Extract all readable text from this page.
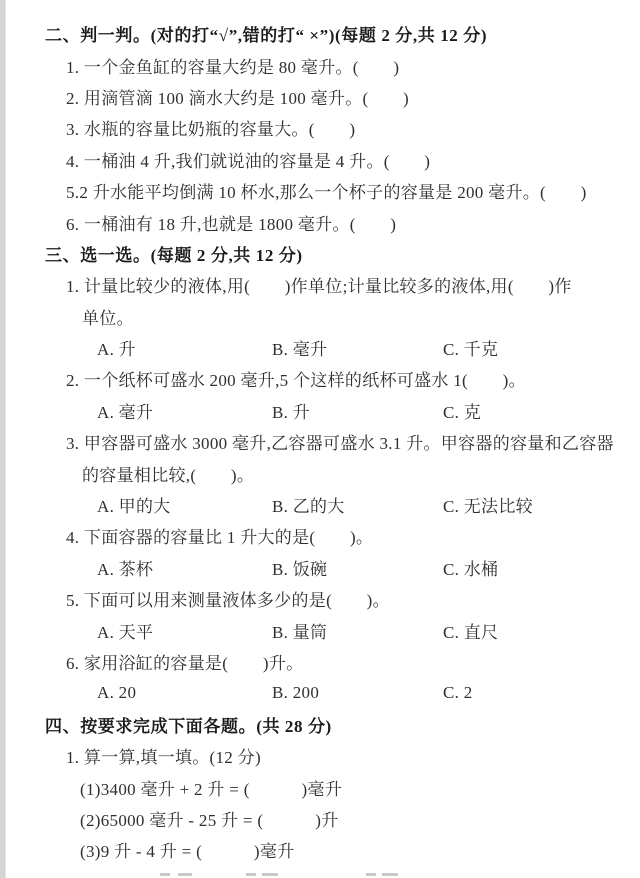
二、判一判。(对的打“√”,错的打“ ×”)(每题 2 分,共 12 分)
1. 一个金鱼缸的容量大约是 80 毫升。(　　)
2. 用滴管滴 100 滴水大约是 100 毫升。(　　)
3. 水瓶的容量比奶瓶的容量大。(　　)
4. 一桶油 4 升,我们就说油的容量是 4 升。(　　)
5.2 升水能平均倒满 10 杯水,那么一个杯子的容量是 200 毫升。(　　)
6. 一桶油有 18 升,也就是 1800 毫升。(　　)
三、选一选。(每题 2 分,共 12 分)
1. 计量比较少的液体,用(　　)作单位;计量比较多的液体,用(　　)作
单位。
A. 升	B. 毫升	C. 千克
2. 一个纸杯可盛水 200 毫升,5 个这样的纸杯可盛水 1(　　)。
A. 毫升	B. 升	C. 克
3. 甲容器可盛水 3000 毫升,乙容器可盛水 3.1 升。甲容器的容量和乙容器
的容量相比较,(　　)。
A. 甲的大	B. 乙的大	C. 无法比较
4. 下面容器的容量比 1 升大的是(　　)。
A. 茶杯	B. 饭碗	C. 水桶
5. 下面可以用来测量液体多少的是(　　)。
A. 天平	B. 量筒	C. 直尺
6. 家用浴缸的容量是(　　)升。
A. 20	B. 200	C. 2
四、按要求完成下面各题。(共 28 分)
1. 算一算,填一填。(12 分)
(1)3400 毫升 + 2 升 = (　　　)毫升
(2)65000 毫升 - 25 升 = (　　　)升
(3)9 升 - 4 升 = (　　　)毫升
